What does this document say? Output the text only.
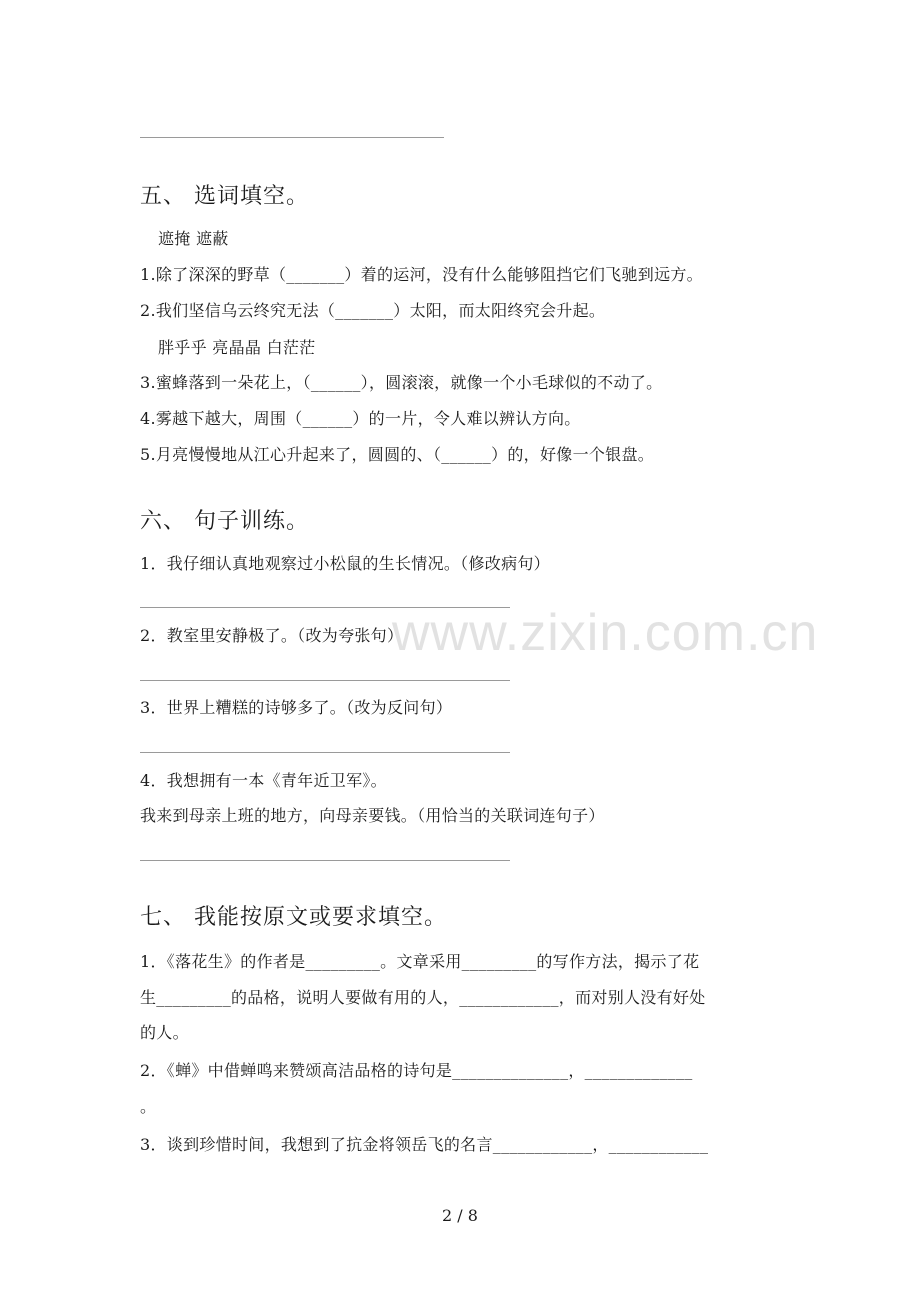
www.zixin.com.cn
五、 选词填空。
遮掩 遮蔽
1.除了深深的野草（_______）着的运河，没有什么能够阻挡它们飞驰到远方。
2.我们坚信乌云终究无法（_______）太阳，而太阳终究会升起。
胖乎乎 亮晶晶 白茫茫
3.蜜蜂落到一朵花上，（______），圆滚滚，就像一个小毛球似的不动了。
4.雾越下越大，周围（______）的一片，令人难以辨认方向。
5.月亮慢慢地从江心升起来了，圆圆的、（______）的，好像一个银盘。
六、 句子训练。
1．我仔细认真地观察过小松鼠的生长情况。（修改病句）
2．教室里安静极了。（改为夸张句）
3．世界上糟糕的诗够多了。（改为反问句）
4．我想拥有一本《青年近卫军》。
我来到母亲上班的地方，向母亲要钱。（用恰当的关联词连句子）
七、 我能按原文或要求填空。
1．《落花生》的作者是_________。文章采用_________的写作方法，揭示了花
生_________的品格，说明人要做有用的人，____________，而对别人没有好处
的人。
2．《蝉》中借蝉鸣来赞颂高洁品格的诗句是______________，_____________
。
3．谈到珍惜时间，我想到了抗金将领岳飞的名言____________，____________
2 / 8
